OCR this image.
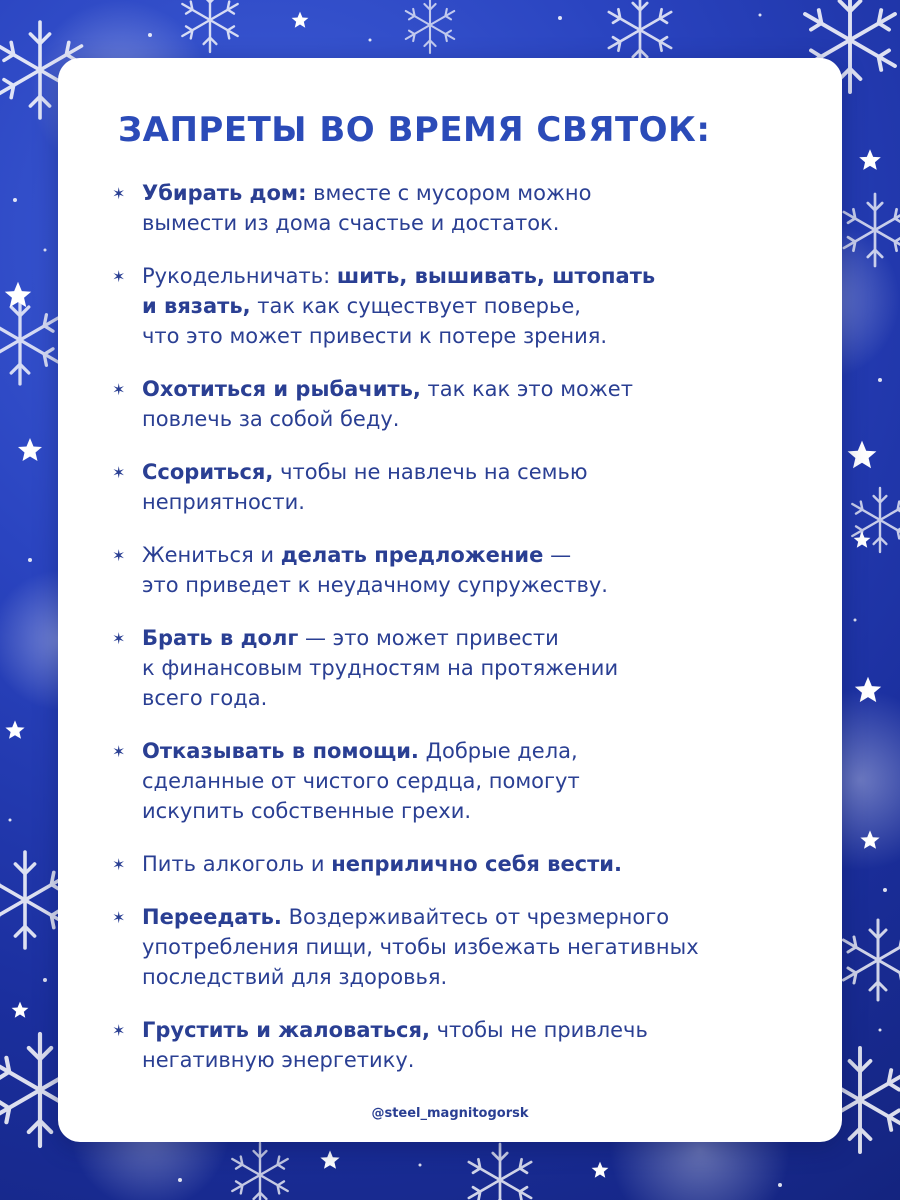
ЗАПРЕТЫ ВО ВРЕМЯ СВЯТОК:
✶ Убирать дом: вместе с мусором можно
вымести из дома счастье и достаток.
✶ Рукодельничать: шить, вышивать, штопать
и вязать, так как существует поверье,
что это может привести к потере зрения.
✶ Охотиться и рыбачить, так как это может
повлечь за собой беду.
✶ Ссориться, чтобы не навлечь на семью
неприятности.
✶ Жениться и делать предложение —
это приведет к неудачному супружеству.
✶ Брать в долг — это может привести
к финансовым трудностям на протяжении
всего года.
✶ Отказывать в помощи. Добрые дела,
сделанные от чистого сердца, помогут
искупить собственные грехи.
✶ Пить алкоголь и неприлично себя вести.
✶ Переедать. Воздерживайтесь от чрезмерного
употребления пищи, чтобы избежать негативных
последствий для здоровья.
✶ Грустить и жаловаться, чтобы не привлечь
негативную энергетику.
@steel_magnitogorsk
